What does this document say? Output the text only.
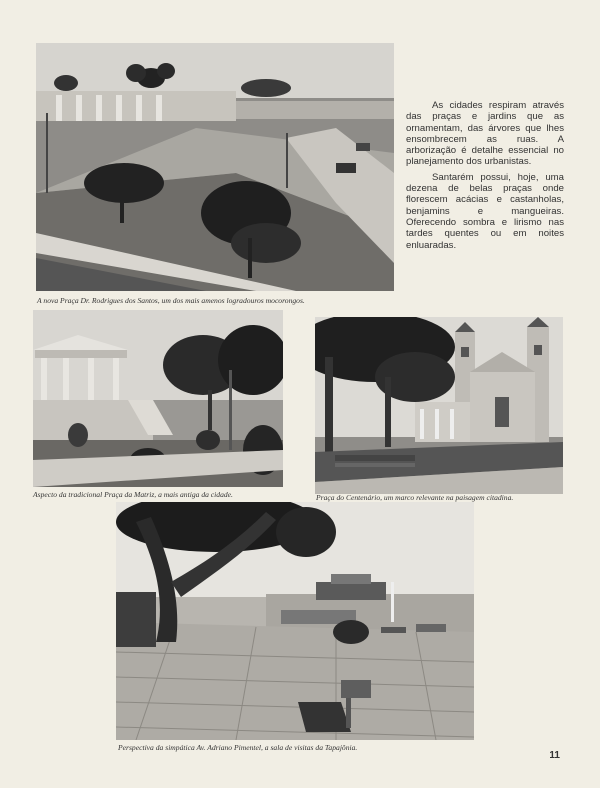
As cidades respiram através das praças e jardins que as ornamentam, das árvores que lhes ensombrecem as ruas. A arborização é detalhe essencial no planejamento dos urbanistas.

Santarém possui, hoje, uma dezena de belas praças onde florescem acácias e castanholas, benjamins e mangueiras. Oferecendo sombra e lirismo nas tardes quentes ou em noites enluaradas.

A nova Praça Dr. Rodrigues dos Santos, um dos mais amenos logradouros mocorongos.
Aspecto da tradicional Praça da Matriz, a mais antiga da cidade.	Praça do Centenário, um marco relevante na paisagem citadina.
Perspectiva da simpática Av. Adriano Pimentel, a sala de visitas da Tapajônia.
11
